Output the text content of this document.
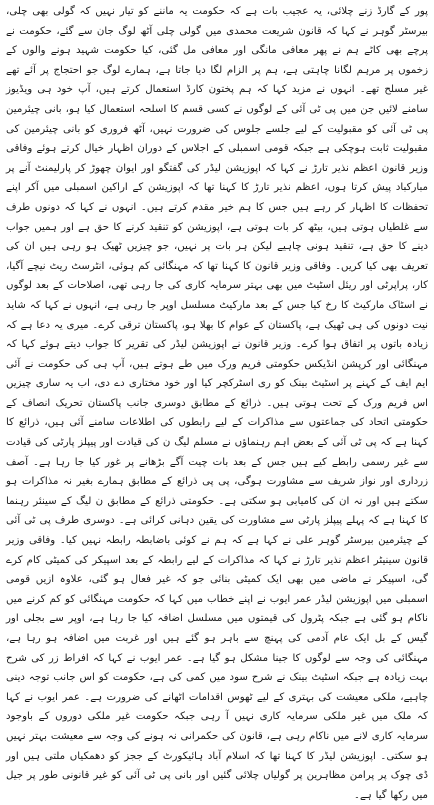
پور کے گارڈ زنے چلائی، یہ عجیب بات ہے کہ حکومت یہ ماننے کو تیار نہیں کہ گولی بھی چلی، بیرسٹر گوہر نے کہا کہ قانون شریعت محمدی میں گولی چلی آٹھ لوگ جان سے گئے، حکومت نے پرچے بھی کاٹے ہم نے پھر معافی مانگی اور معافی مل گئی، کیا حکومت شہید ہونے والوں کے زخموں پر مرہم لگانا چاہتی ہے، ہم پر الزام لگا دیا جاتا ہے، ہمارے لوگ جو احتجاج پر آئے تھے غیر مسلح تھے۔ انہوں نے مزید کہا کہ ہم پختون کارڈ استعمال کرتے ہیں، آپ خود ہی ویڈیوز سامنے لائیں جن میں پی ٹی آئی کے لوگوں نے کسی قسم کا اسلحہ استعمال کیا ہو، بانی چیئرمین پی ٹی آئی کو مقبولیت کے لیے جلسے جلوس کی ضرورت نہیں، آٹھ فروری کو بانی چیئرمین کی مقبولیت ثابت ہوچکی ہے جبکہ قومی اسمبلی کے اجلاس کے دوران اظہار خیال کرتے ہوئے وفاقی وزیر قانون اعظم نذیر تارڑ نے کہا کہ اپوزیشن لیڈر کی گفتگو اور ایوان چھوڑ کر پارلیمنٹ آنے پر مبارکباد پیش کرتا ہوں، اعظم نذیر تارڑ کا کہنا تھا کہ اپوزیشن کے اراکین اسمبلی میں آکر اپنے تحفظات کا اظہار کر رہے ہیں جس کا ہم خیر مقدم کرتے ہیں۔ انہوں نے کہا کہ دونوں طرف سے غلطیاں ہوتی ہیں، بیٹھ کر بات ہوتی ہے، اپوزیشن کو تنقید کرنے کا حق ہے اور ہمیں جواب دینے کا حق ہے، تنقید ہونی چاہیے لیکن ہر بات پر نہیں، جو چیزیں ٹھیک ہو رہی ہیں ان کی تعریف بھی کیا کریں۔ وفاقی وزیر قانون کا کہنا تھا کہ مہنگائی کم ہوئی، انٹرسٹ ریٹ نیچے آگیا، کار، پراپرٹی اور ریئل اسٹیٹ میں بھی بہتر سرمایہ کاری کی جا رہی تھی، اصلاحات کے بعد لوگوں نے اسٹاک مارکیٹ کا رخ کیا جس کے بعد مارکیٹ مسلسل اوپر جا رہی ہے، انہوں نے کہا کہ شاید نیت دونوں کی ہی ٹھیک ہے، پاکستان کے عوام کا بھلا ہو، پاکستان ترقی کرے۔ میری یہ دعا ہے کہ زیادہ باتوں پر اتفاق ہوا کرے۔ وزیر قانون نے اپوزیشن لیڈر کی تقریر کا جواب دیتے ہوئے کہا کہ مہنگائی اور کرپشن انڈیکس حکومتی فریم ورک میں طے ہوتے ہیں، آپ ہی کی حکومت نے آئی ایم ایف کے کہنے پر اسٹیٹ بینک کو ری اسٹرکچر کیا اور خود مختاری دے دی، اب یہ ساری چیزیں اس فریم ورک کے تحت ہوتی ہیں۔ ذرائع کے مطابق دوسری جانب پاکستان تحریک انصاف کے حکومتی اتحاد کی جماعتوں سے مذاکرات کے لیے رابطوں کی اطلاعات سامنے آئی ہیں، ذرائع کا کہنا ہے کہ پی ٹی آئی کے بعض اہم رہنماؤں نے مسلم لیگ ن کی قیادت اور پیپلز پارٹی کی قیادت سے غیر رسمی رابطے کیے ہیں جس کے بعد بات چیت آگے بڑھانے پر غور کیا جا رہا ہے۔ آصف زرداری اور نواز شریف سے مشاورت ہوگی، پی پی ذرائع کے مطابق ہمارے بغیر نہ مذاکرات ہو سکتے ہیں اور نہ ان کی کامیابی ہو سکتی ہے۔ حکومتی ذرائع کے مطابق ن لیگ کے سینئر رہنما کا کہنا ہے کہ پہلے پیپلز پارٹی سے مشاورت کی یقین دہانی کرائی ہے۔ دوسری طرف پی ٹی آئی کے چیئرمین بیرسٹر گوہر علی نے کہا ہے کہ ہم نے کوئی باضابطہ رابطہ نہیں کیا۔ وفاقی وزیر قانون سینیٹر اعظم نذیر تارڑ نے کہا کہ مذاکرات کے لیے رابطہ کے بعد اسپیکر کی کمیٹی کام کرے گی، اسپیکر نے ماضی میں بھی ایک کمیٹی بنائی جو کہ غیر فعال ہو گئی، علاوہ ازیں قومی اسمبلی میں اپوزیشن لیڈر عمر ایوب نے اپنے خطاب میں کہا کہ حکومت مہنگائی کو کم کرنے میں ناکام ہو گئی ہے جبکہ پٹرول کی قیمتوں میں مسلسل اضافہ کیا جا رہا ہے، اوپر سے بجلی اور گیس کے بل ایک عام آدمی کی پہنچ سے باہر ہو گئے ہیں اور غربت میں اضافہ ہو رہا ہے، مہنگائی کی وجہ سے لوگوں کا جینا مشکل ہو گیا ہے۔ عمر ایوب نے کہا کہ افراط زر کی شرح بہت زیادہ ہے جبکہ اسٹیٹ بینک نے شرح سود میں کمی کی ہے، حکومت کو اس جانب توجہ دینی چاہیے، ملکی معیشت کی بہتری کے لیے ٹھوس اقدامات اٹھانے کی ضرورت ہے۔ عمر ایوب نے کہا کہ ملک میں غیر ملکی سرمایہ کاری نہیں آ رہی جبکہ حکومت غیر ملکی دوروں کے باوجود سرمایہ کاری لانے میں ناکام رہی ہے، قانون کی حکمرانی نہ ہونے کی وجہ سے معیشت بہتر نہیں ہو سکتی۔ اپوزیشن لیڈر کا کہنا تھا کہ اسلام آباد ہائیکورٹ کے ججز کو دھمکیاں ملتی ہیں اور ڈی چوک پر پرامن مظاہرین پر گولیاں چلائی گئیں اور بانی پی ٹی آئی کو غیر قانونی طور پر جیل میں رکھا گیا ہے۔
